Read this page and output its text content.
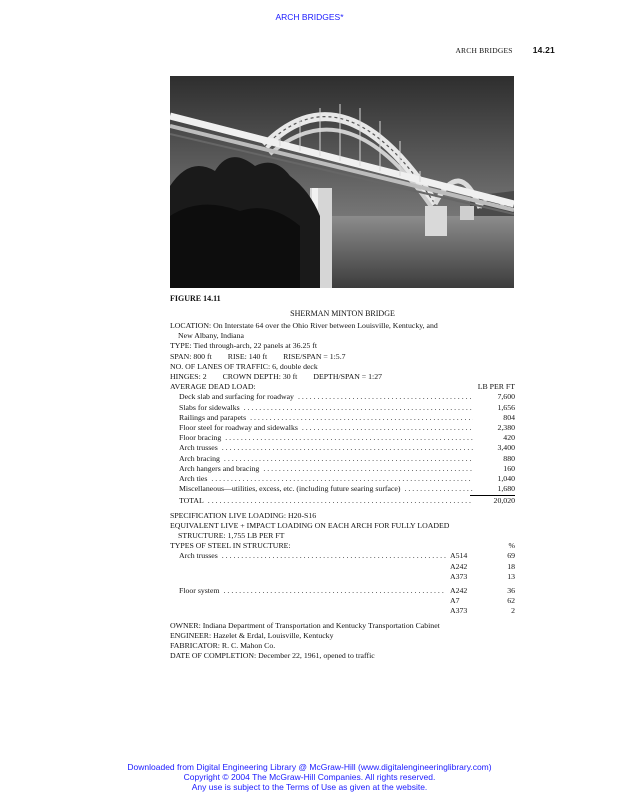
ARCH BRIDGES*
ARCH BRIDGES 14.21
FIGURE 14.11
SHERMAN MINTON BRIDGE
LOCATION: On Interstate 64 over the Ohio River between Louisville, Kentucky, and
New Albany, Indiana
TYPE: Tied through-arch, 22 panels at 36.25 ft
SPAN: 800 ft RISE: 140 ft RISE/SPAN = 1:5.7
NO. OF LANES OF TRAFFIC: 6, double deck
HINGES: 2 CROWN DEPTH: 30 ft DEPTH/SPAN = 1:27
AVERAGE DEAD LOAD:	LB PER FT
Deck slab and surfacing for roadway . . .	7,600
Slabs for sidewalks . . .	1,656
Railings and parapets . . .	804
Floor steel for roadway and sidewalks . . .	2,380
Floor bracing . . .	420
Arch trusses . . .	3,400
Arch bracing . . .	880
Arch hangers and bracing . . .	160
Arch ties . . .	1,040
Miscellaneous—utilities, excess, etc. (including future searing surface) . . .	1,680
TOTAL . . .	20,020
SPECIFICATION LIVE LOADING: H20-S16
EQUIVALENT LIVE + IMPACT LOADING ON EACH ARCH FOR FULLY LOADED
STRUCTURE: 1,755 LB PER FT
TYPES OF STEEL IN STRUCTURE:	%
Arch trusses . . .	A514	69
A242	18
A373	13
Floor system . . .	A242	36
A7	62
A373	2
OWNER: Indiana Department of Transportation and Kentucky Transportation Cabinet
ENGINEER: Hazelet & Erdal, Louisville, Kentucky
FABRICATOR: R. C. Mahon Co.
DATE OF COMPLETION: December 22, 1961, opened to traffic
Downloaded from Digital Engineering Library @ McGraw-Hill (www.digitalengineeringlibrary.com)
Copyright © 2004 The McGraw-Hill Companies. All rights reserved.
Any use is subject to the Terms of Use as given at the website.
